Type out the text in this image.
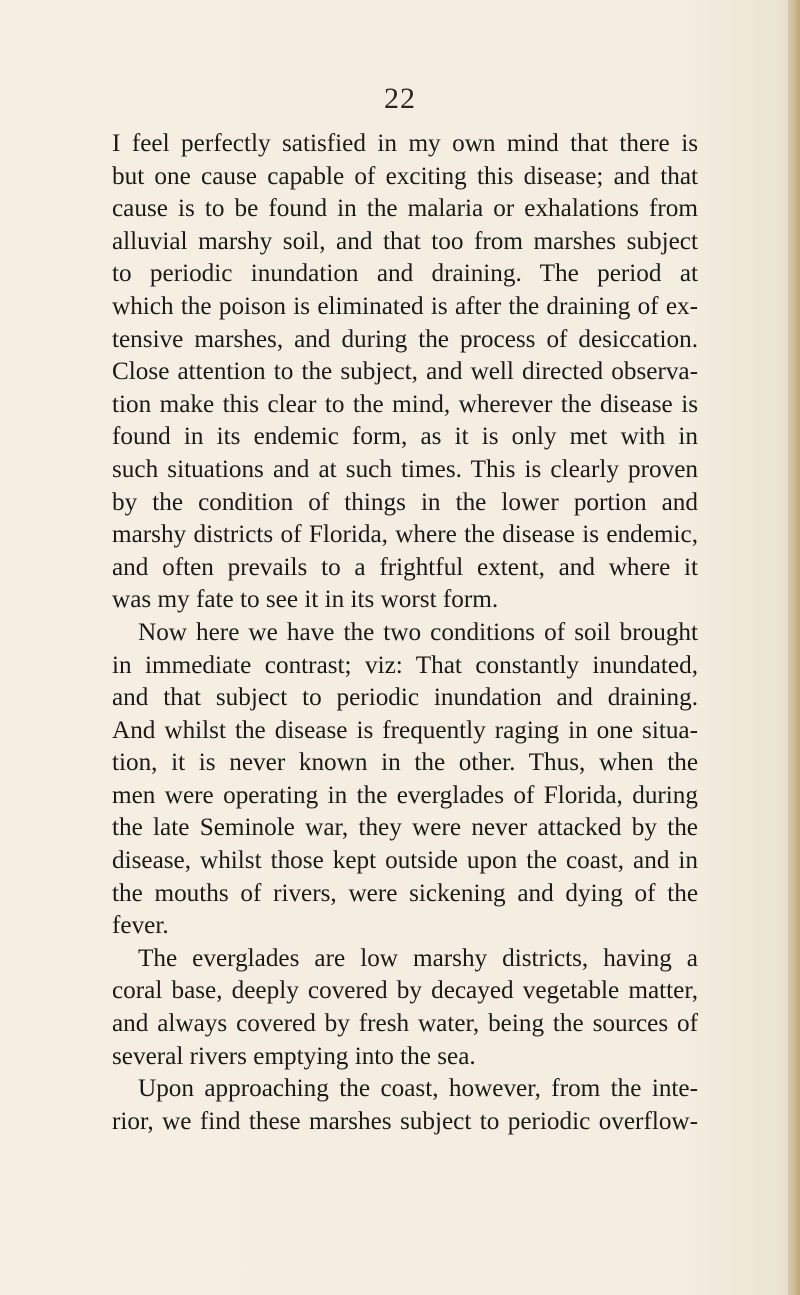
22
I feel perfectly satisfied in my own mind that there is
but one cause capable of exciting this disease; and that
cause is to be found in the malaria or exhalations from
alluvial marshy soil, and that too from marshes subject
to periodic inundation and draining. The period at
which the poison is eliminated is after the draining of ex-
tensive marshes, and during the process of desiccation.
Close attention to the subject, and well directed observa-
tion make this clear to the mind, wherever the disease is
found in its endemic form, as it is only met with in
such situations and at such times. This is clearly proven
by the condition of things in the lower portion and
marshy districts of Florida, where the disease is endemic,
and often prevails to a frightful extent, and where it
was my fate to see it in its worst form.
Now here we have the two conditions of soil brought
in immediate contrast; viz: That constantly inundated,
and that subject to periodic inundation and draining.
And whilst the disease is frequently raging in one situa-
tion, it is never known in the other. Thus, when the
men were operating in the everglades of Florida, during
the late Seminole war, they were never attacked by the
disease, whilst those kept outside upon the coast, and in
the mouths of rivers, were sickening and dying of the
fever.
The everglades are low marshy districts, having a
coral base, deeply covered by decayed vegetable matter,
and always covered by fresh water, being the sources of
several rivers emptying into the sea.
Upon approaching the coast, however, from the inte-
rior, we find these marshes subject to periodic overflow-
